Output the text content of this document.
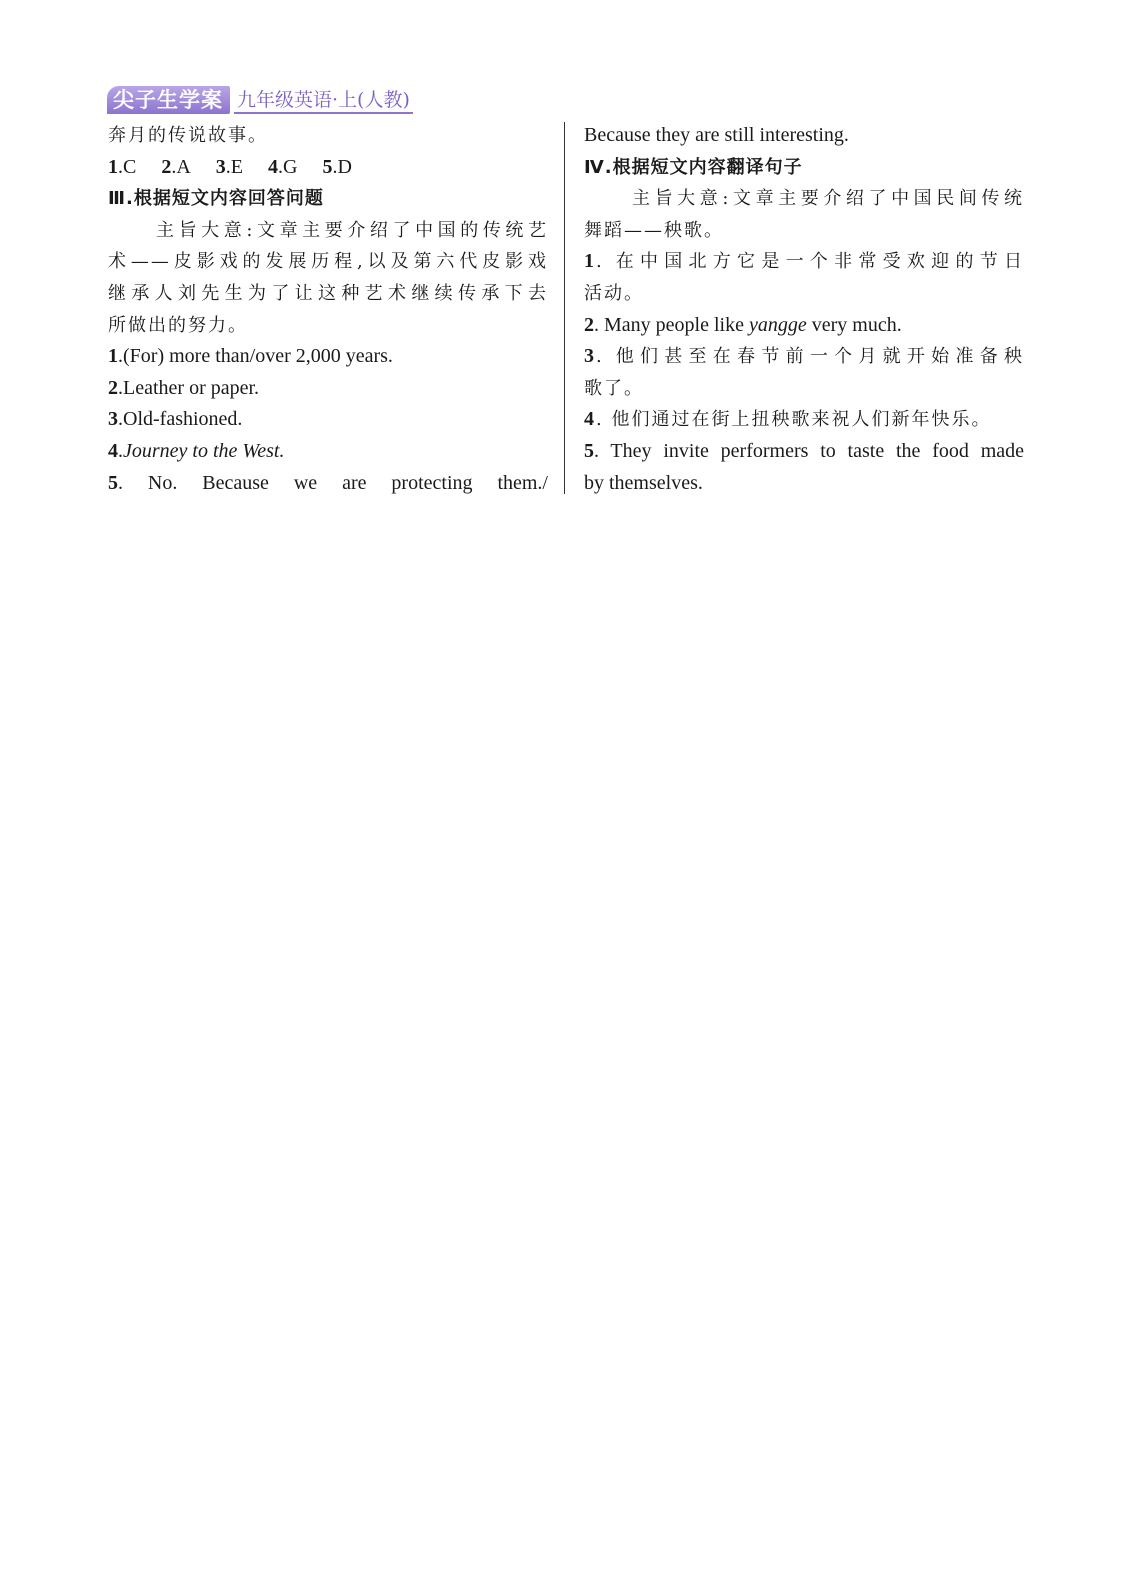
尖子生学案 九年级英语·上(人教)
奔月的传说故事。
1.C 2.A 3.E 4.G 5.D
Ⅲ.根据短文内容回答问题
主旨大意:文章主要介绍了中国的传统艺
术——皮影戏的发展历程,以及第六代皮影戏
继承人刘先生为了让这种艺术继续传承下去
所做出的努力。
1.(For) more than/over 2,000 years.
2.Leather or paper.
3.Old-fashioned.
4.Journey to the West.
5. No. Because we are protecting them./
Because they are still interesting.
Ⅳ.根据短文内容翻译句子
主旨大意:文章主要介绍了中国民间传统
舞蹈——秧歌。
1. 在中国北方它是一个非常受欢迎的节日
活动。
2. Many people like yangge very much.
3. 他们甚至在春节前一个月就开始准备秧
歌了。
4. 他们通过在街上扭秧歌来祝人们新年快乐。
5. They invite performers to taste the food made
by themselves.
